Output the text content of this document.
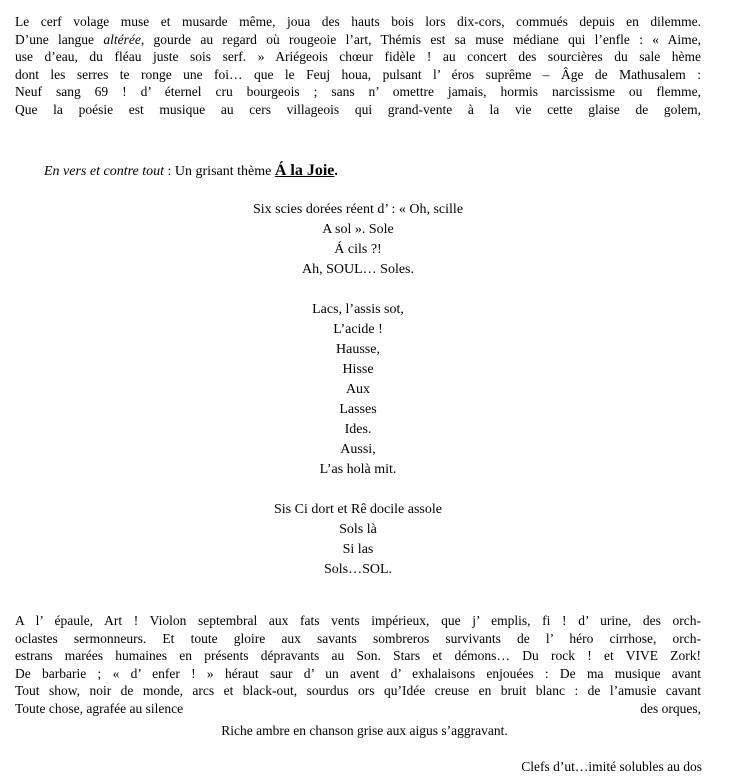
Le cerf volage muse et musarde même, joua des hauts bois lors dix-cors, commués depuis en dilemme.
D’une langue altérée, gourde au regard où rougeoie l’art, Thémis est sa muse médiane qui l’enfle : « Aime,
use d’eau, du fléau juste sois serf. » Ariégeois chœur fidèle ! au concert des sourcières du sale hème
dont les serres te ronge une foi… que le Feuj houa, pulsant l’ éros suprême – Âge de Mathusalem :
Neuf sang 69 ! d’ éternel cru bourgeois ; sans n’ omettre jamais, hormis narcissisme ou flemme,
Que la poésie est musique au cers villageois qui grand-vente à la vie cette glaise de golem,
En vers et contre tout : Un grisant thème Á la Joie.
Six scies dorées réent d’ : « Oh, scille
A sol ». Sole
Á cils ?!
Ah, SOUL… Soles.
Lacs, l’assis sot,
L’acide !
Hausse,
Hisse
Aux
Lasses
Ides.
Aussi,
L’as holà mit.
Sis Ci dort et Rê docile assole
Sols là
Si las
Sols…SOL.
A l’ épaule, Art ! Violon septembral aux fats vents impérieux, que j’ emplis, fi ! d’ urine, des orch-
oclastes sermonneurs. Et toute gloire aux savants sombreros survivants de l’ héro cirrhose, orch-
estrans marées humaines en présents dépravants au Son. Stars et démons… Du rock ! et VIVE Zork!
De barbarie ; « d’ enfer ! » héraut saur d’ un avent d’ exhalaisons enjouées : De ma musique avant
Tout show, noir de monde, arcs et black-out, sourdus ors qu’Idée creuse en bruit blanc : de l’amusie cavant
Toute chose, agrafée au silence	des orques,
Riche ambre en chanson grise aux aigus s’aggravant.
Clefs d’ut…imité solubles au dos
